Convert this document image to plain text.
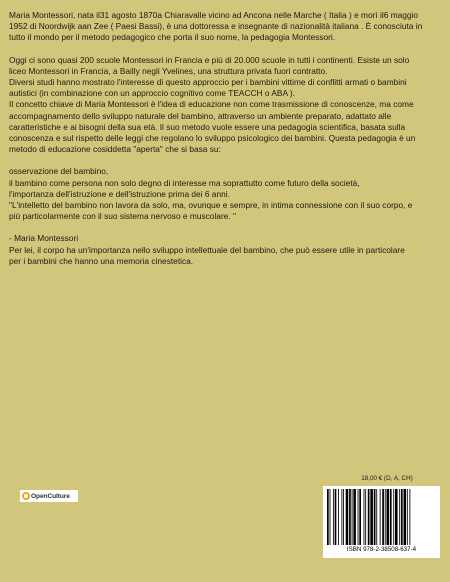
Maria Montessori, nata il31 agosto 1870a Chiaravalle vicino ad Ancona nelle Marche ( Italia ) e morì il6 maggio
1952 di Noordwijk aan Zee ( Paesi Bassi), è una dottoressa e insegnante di nazionalità italiana . È conosciuta in
tutto il mondo per il metodo pedagogico che porta il suo nome, la pedagogia Montessori.

Oggi ci sono quasi 200 scuole Montessori in Francia e più di 20.000 scuole in tutti i continenti. Esiste un solo
liceo Montessori in Francia, a Bailly negli Yvelines, una struttura privata fuori contratto.
Diversi studi hanno mostrato l'interesse di questo approccio per i bambini vittime di conflitti armati o bambini
autistici (in combinazione con un approccio cognitivo come TEACCH o ABA ).
Il concetto chiave di Maria Montessori è l'idea di educazione non come trasmissione di conoscenze, ma come
accompagnamento dello sviluppo naturale del bambino, attraverso un ambiente preparato, adattato alle
caratteristiche e ai bisogni della sua età. Il suo metodo vuole essere una pedagogia scientifica, basata sulla
conoscenza e sul rispetto delle leggi che regolano lo sviluppo psicologico dei bambini. Questa pedagogia è un
metodo di educazione cosiddetta "aperta" che si basa su:

osservazione del bambino,
il bambino come persona non solo degno di interesse ma soprattutto come futuro della società,
l'importanza dell'istruzione e dell'istruzione prima dei 6 anni.
"L'intelletto del bambino non lavora da solo, ma, ovunque e sempre, in intima connessione con il suo corpo, e
più particolarmente con il suo sistema nervoso e muscolare. "

- Maria Montessori
Per lei, il corpo ha un'importanza nello sviluppo intellettuale del bambino, che può essere utile in particolare
per i bambini che hanno una memoria cinestetica.

OpenCulture
18,00 € (D, A, CH)
ISBN 978-2-38508-637-4
